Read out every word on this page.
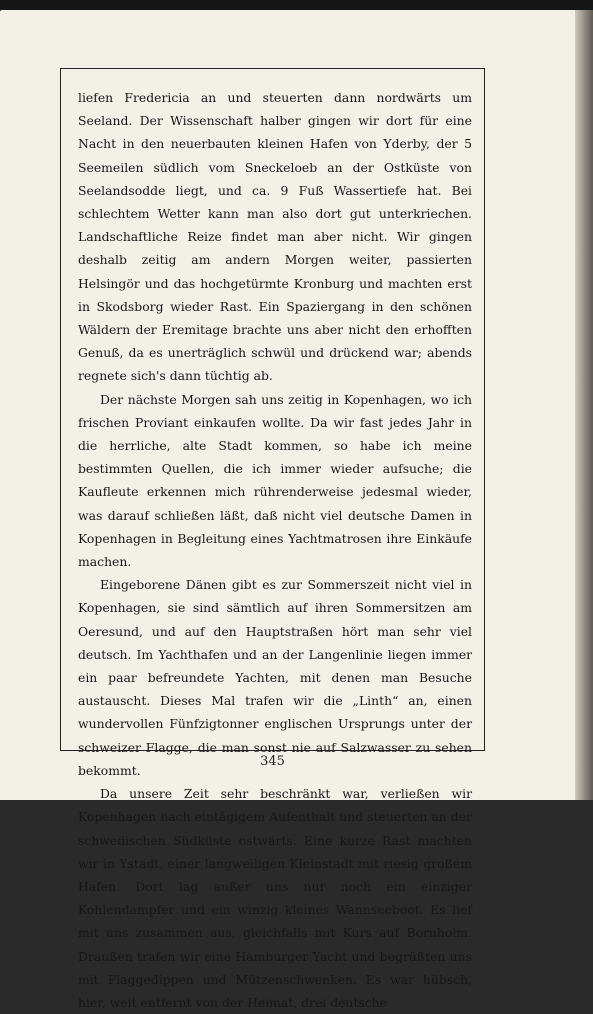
liefen Fredericia an und steuerten dann nordwärts um Seeland. Der Wissenschaft halber gingen wir dort für eine Nacht in den neuerbauten kleinen Hafen von Yderby, der 5 Seemeilen südlich vom Sneckeloeb an der Ostküste von Seelandsodde liegt, und ca. 9 Fuß Wassertiefe hat. Bei schlechtem Wetter kann man also dort gut unterkriechen. Landschaftliche Reize findet man aber nicht. Wir gingen deshalb zeitig am andern Morgen weiter, passierten Helsingör und das hochgetürmte Kronburg und machten erst in Skodsborg wieder Rast. Ein Spaziergang in den schönen Wäldern der Eremitage brachte uns aber nicht den erhofften Genuß, da es unerträglich schwül und drückend war; abends regnete sich's dann tüchtig ab.

Der nächste Morgen sah uns zeitig in Kopenhagen, wo ich frischen Proviant einkaufen wollte. Da wir fast jedes Jahr in die herrliche, alte Stadt kommen, so habe ich meine bestimmten Quellen, die ich immer wieder aufsuche; die Kaufleute erkennen mich rührenderweise jedesmal wieder, was darauf schließen läßt, daß nicht viel deutsche Damen in Kopenhagen in Begleitung eines Yachtmatrosen ihre Einkäufe machen.

Eingeborene Dänen gibt es zur Sommerszeit nicht viel in Kopenhagen, sie sind sämtlich auf ihren Sommersitzen am Oeresund, und auf den Hauptstraßen hört man sehr viel deutsch. Im Yachthafen und an der Langenlinie liegen immer ein paar befreundete Yachten, mit denen man Besuche austauscht. Dieses Mal trafen wir die „Linth“ an, einen wundervollen Fünfzigtonner englischen Ursprungs unter der schweizer Flagge, die man sonst nie auf Salzwasser zu sehen bekommt.

Da unsere Zeit sehr beschränkt war, verließen wir Kopenhagen nach eintägigem Aufenthalt und steuerten an der schwedischen Südküste ostwärts. Eine kurze Rast machten wir in Ystadt, einer langweiligen Kleinstadt mit riesig großem Hafen. Dort lag außer uns nur noch ein einziger Kohlendampfer und ein winzig kleines Wannseeboot. Es lief mit uns zusammen aus, gleichfalls mit Kurs auf Bornholm. Draußen trafen wir eine Hamburger Yacht und begrüßten uns mit Flaggedippen und Mützenschwenken. Es war hübsch, hier, weit entfernt von der Heimat, drei deutsche

345
